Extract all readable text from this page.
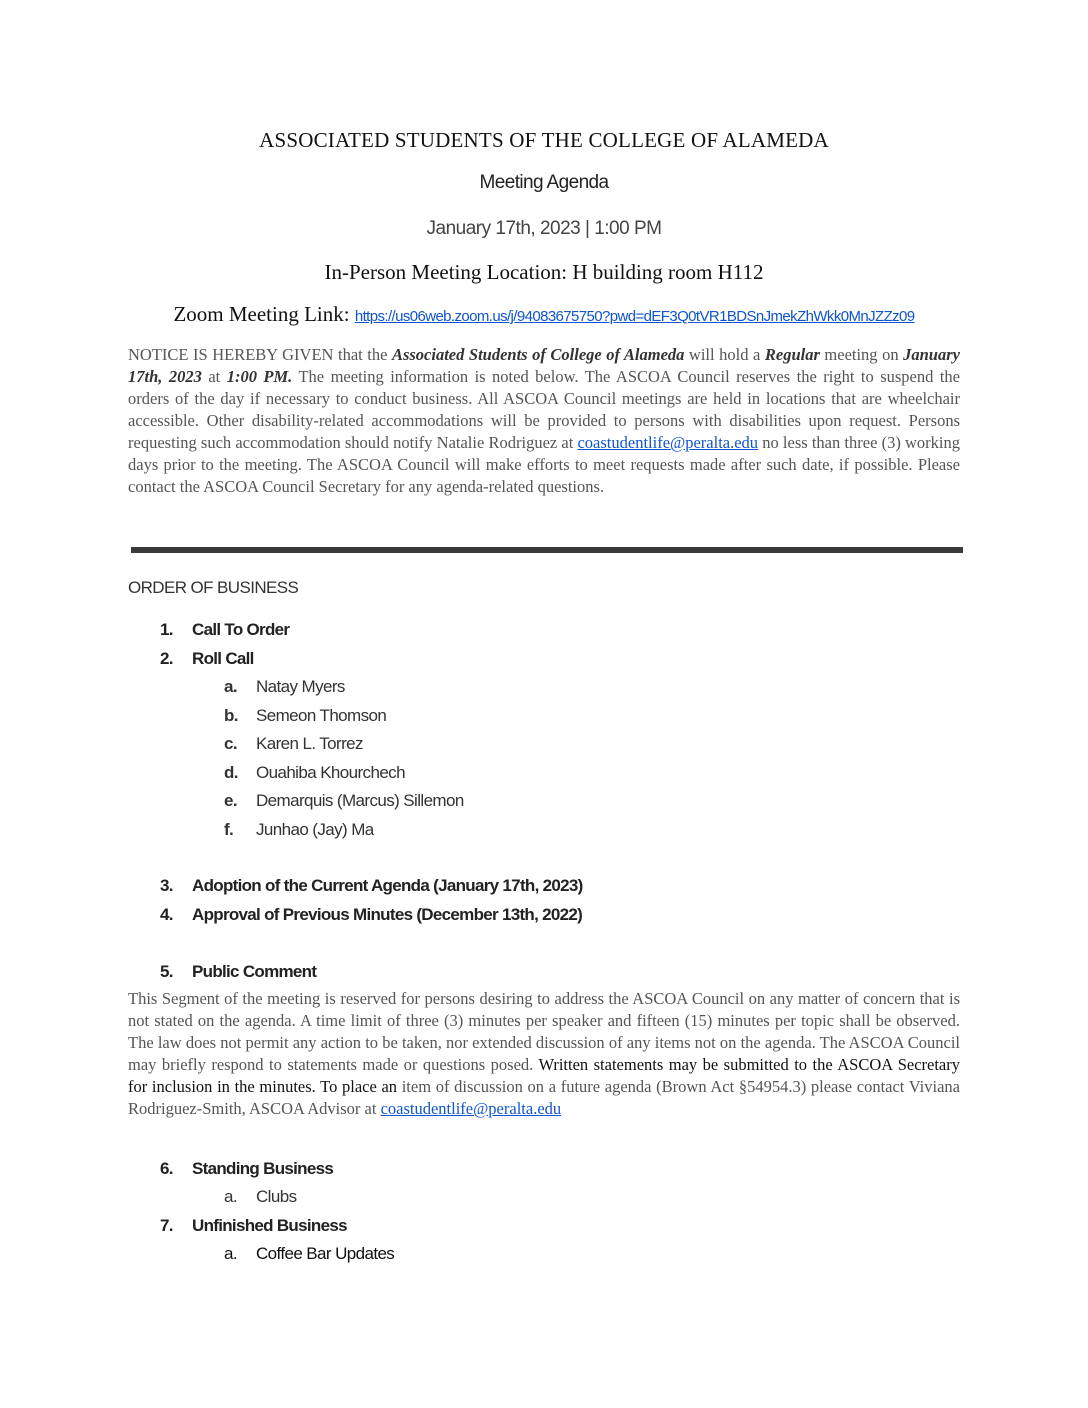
ASSOCIATED STUDENTS OF THE COLLEGE OF ALAMEDA
Meeting Agenda
January 17th, 2023 | 1:00 PM
In-Person Meeting Location: H building room H112
Zoom Meeting Link: https://us06web.zoom.us/j/94083675750?pwd=dEF3Q0tVR1BDSnJmekZhWkk0MnJZZz09
NOTICE IS HEREBY GIVEN that the Associated Students of College of Alameda will hold a Regular meeting on January 17th, 2023 at 1:00 PM. The meeting information is noted below. The ASCOA Council reserves the right to suspend the orders of the day if necessary to conduct business. All ASCOA Council meetings are held in locations that are wheelchair accessible. Other disability-related accommodations will be provided to persons with disabilities upon request. Persons requesting such accommodation should notify Natalie Rodriguez at coastudentlife@peralta.edu no less than three (3) working days prior to the meeting. The ASCOA Council will make efforts to meet requests made after such date, if possible. Please contact the ASCOA Council Secretary for any agenda-related questions.
ORDER OF BUSINESS
1. Call To Order
2. Roll Call
a. Natay Myers
b. Semeon Thomson
c. Karen L. Torrez
d. Ouahiba Khourchech
e. Demarquis (Marcus) Sillemon
f. Junhao (Jay) Ma
3. Adoption of the Current Agenda (January 17th, 2023)
4. Approval of Previous Minutes (December 13th, 2022)
5. Public Comment
This Segment of the meeting is reserved for persons desiring to address the ASCOA Council on any matter of concern that is not stated on the agenda. A time limit of three (3) minutes per speaker and fifteen (15) minutes per topic shall be observed. The law does not permit any action to be taken, nor extended discussion of any items not on the agenda. The ASCOA Council may briefly respond to statements made or questions posed. Written statements may be submitted to the ASCOA Secretary for inclusion in the minutes. To place an item of discussion on a future agenda (Brown Act §54954.3) please contact Viviana Rodriguez-Smith, ASCOA Advisor at coastudentlife@peralta.edu
6. Standing Business
a. Clubs
7. Unfinished Business
a. Coffee Bar Updates
